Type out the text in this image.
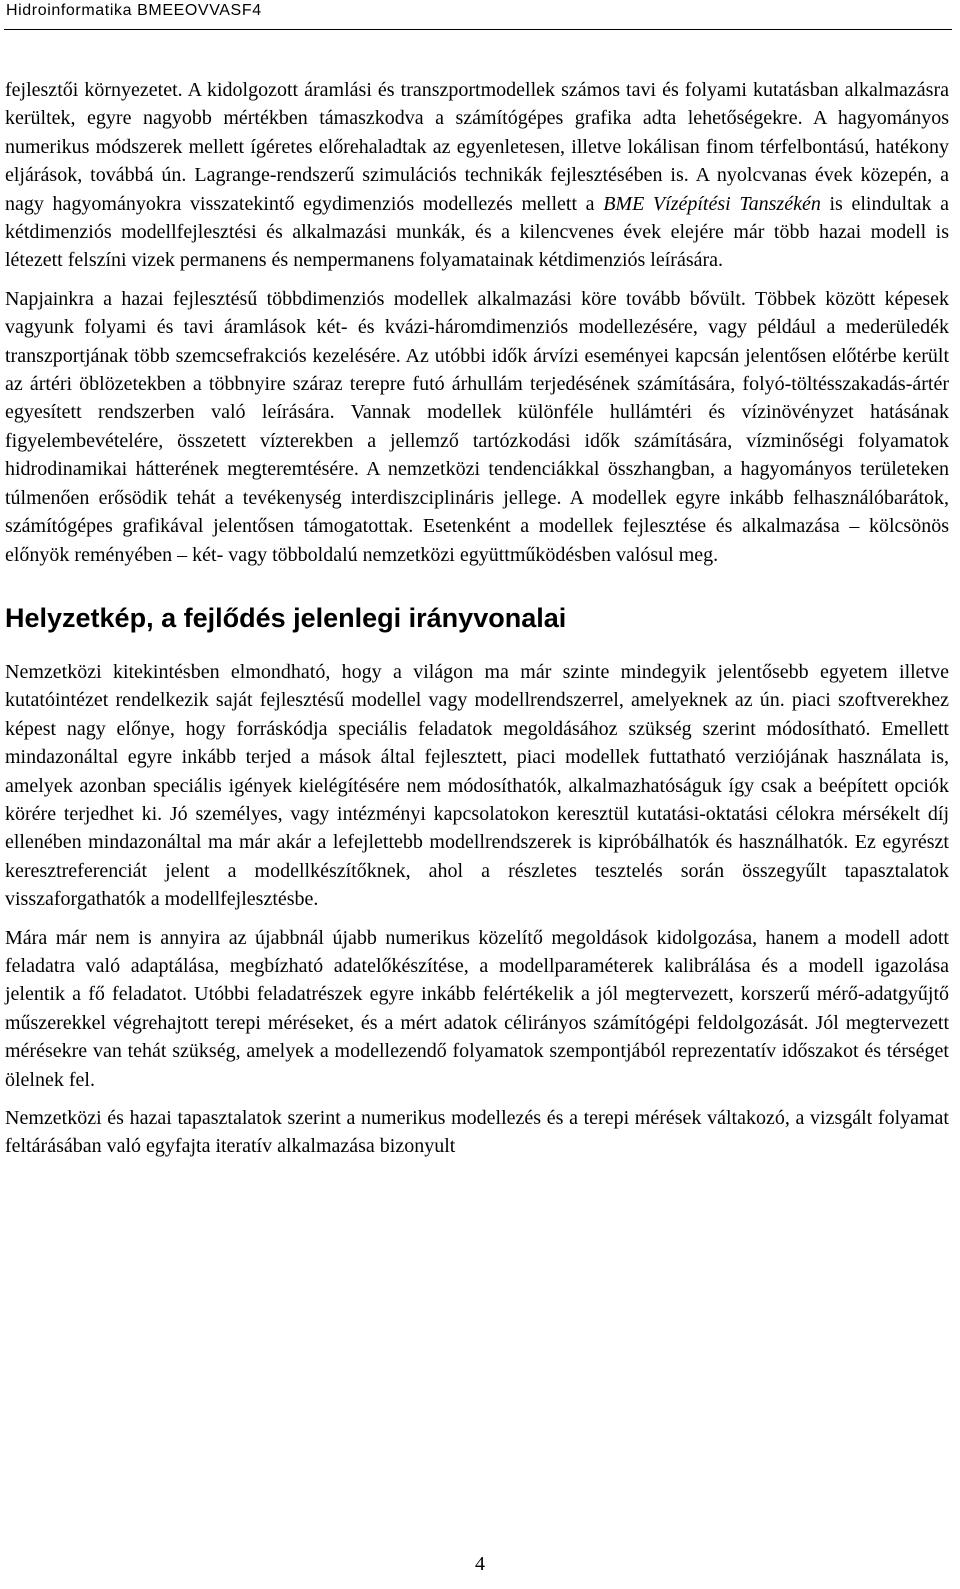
Hidroinformatika BMEEOVVASF4

fejlesztői környezetet. A kidolgozott áramlási és transzportmodellek számos tavi és folyami kutatásban alkalmazásra kerültek, egyre nagyobb mértékben támaszkodva a számítógépes grafika adta lehetőségekre. A hagyományos numerikus módszerek mellett ígéretes előrehaladtak az egyenletesen, illetve lokálisan finom térfelbontású, hatékony eljárások, továbbá ún. Lagrange-rendszerű szimulációs technikák fejlesztésében is. A nyolcvanas évek közepén, a nagy hagyományokra visszatekintő egydimenziós modellezés mellett a BME Vízépítési Tanszékén is elindultak a kétdimenziós modellfejlesztési és alkalmazási munkák, és a kilencvenes évek elejére már több hazai modell is létezett felszíni vizek permanens és nempermanens folyamatainak kétdimenziós leírására.

Napjainkra a hazai fejlesztésű többdimenziós modellek alkalmazási köre tovább bővült. Többek között képesek vagyunk folyami és tavi áramlások két- és kvázi-háromdimenziós modellezésére, vagy például a mederüledék transzportjának több szemcsefrakciós kezelésére. Az utóbbi idők árvízi eseményei kapcsán jelentősen előtérbe került az ártéri öblözetekben a többnyire száraz terepre futó árhullám terjedésének számítására, folyó-töltésszakadás-ártér egyesített rendszerben való leírására. Vannak modellek különféle hullámtéri és vízinövényzet hatásának figyelembevételére, összetett vízterekben a jellemző tartózkodási idők számítására, vízminőségi folyamatok hidrodinamikai hátterének megteremtésére. A nemzetközi tendenciákkal összhangban, a hagyományos területeken túlmenően erősödik tehát a tevékenység interdiszciplináris jellege. A modellek egyre inkább felhasználóbarátok, számítógépes grafikával jelentősen támogatottak. Esetenként a modellek fejlesztése és alkalmazása – kölcsönös előnyök reményében – két- vagy többoldalú nemzetközi együttműködésben valósul meg.

Helyzetkép, a fejlődés jelenlegi irányvonalai

Nemzetközi kitekintésben elmondható, hogy a világon ma már szinte mindegyik jelentősebb egyetem illetve kutatóintézet rendelkezik saját fejlesztésű modellel vagy modellrendszerrel, amelyeknek az ún. piaci szoftverekhez képest nagy előnye, hogy forráskódja speciális feladatok megoldásához szükség szerint módosítható. Emellett mindazonáltal egyre inkább terjed a mások által fejlesztett, piaci modellek futtatható verziójának használata is, amelyek azonban speciális igények kielégítésére nem módosíthatók, alkalmazhatóságuk így csak a beépített opciók körére terjedhet ki. Jó személyes, vagy intézményi kapcsolatokon keresztül kutatási-oktatási célokra mérsékelt díj ellenében mindazonáltal ma már akár a lefejlettebb modellrendszerek is kipróbálhatók és használhatók. Ez egyrészt keresztreferenciát jelent a modellkészítőknek, ahol a részletes tesztelés során összegyűlt tapasztalatok visszaforgathatók a modellfejlesztésbe.

Mára már nem is annyira az újabbnál újabb numerikus közelítő megoldások kidolgozása, hanem a modell adott feladatra való adaptálása, megbízható adatelőkészítése, a modellparaméterek kalibrálása és a modell igazolása jelentik a fő feladatot. Utóbbi feladatrészek egyre inkább felértékelik a jól megtervezett, korszerű mérő-adatgyűjtő műszerekkel végrehajtott terepi méréseket, és a mért adatok célirányos számítógépi feldolgozását. Jól megtervezett mérésekre van tehát szükség, amelyek a modellezendő folyamatok szempontjából reprezentatív időszakot és térséget ölelnek fel.

Nemzetközi és hazai tapasztalatok szerint a numerikus modellezés és a terepi mérések váltakozó, a vizsgált folyamat feltárásában való egyfajta iteratív alkalmazása bizonyult

4
